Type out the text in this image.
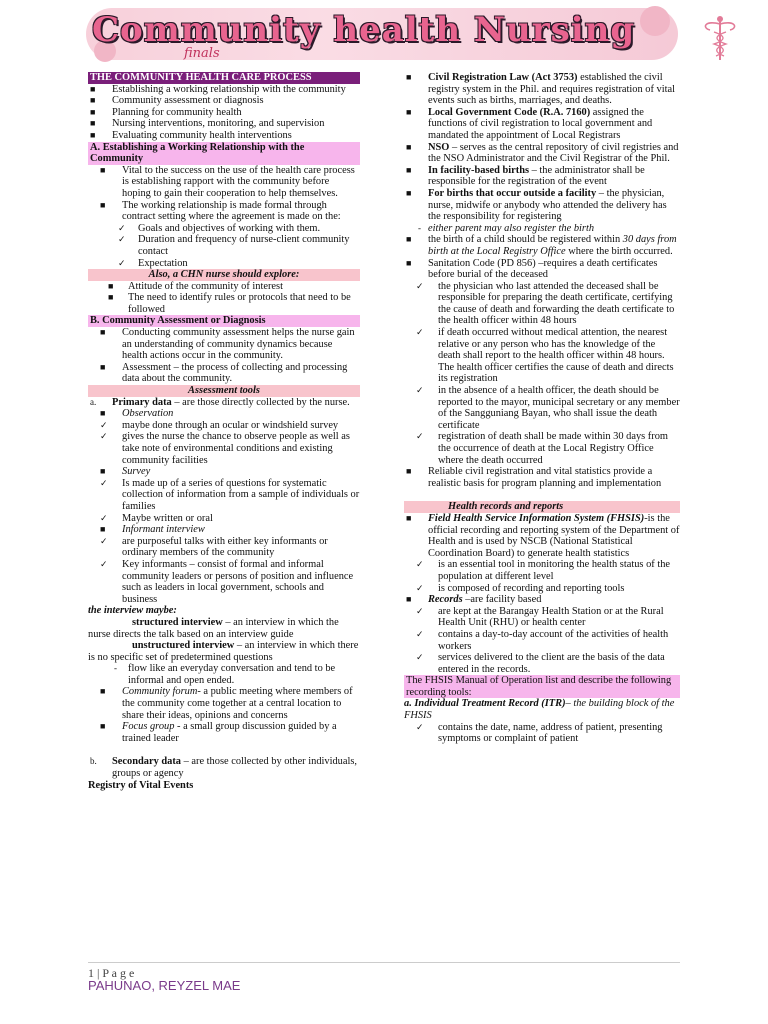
Community health Nursing
finals
THE COMMUNITY HEALTH CARE PROCESS
■ Establishing a working relationship with the community
■ Community assessment or diagnosis
■ Planning for community health
■ Nursing interventions, monitoring, and supervision
■ Evaluating community health interventions
A. Establishing a Working Relationship with the Community
■ Vital to the success on the use of the health care process is establishing rapport with the community before hoping to gain their cooperation to help themselves.
■ The working relationship is made formal through contract setting where the agreement is made on the:
✓ Goals and objectives of working with them.
✓ Duration and frequency of nurse-client community contact
✓ Expectation
Also, a CHN nurse should explore:
■ Attitude of the community of interest
■ The need to identify rules or protocols that need to be followed
B. Community Assessment or Diagnosis
■ Conducting community assessment helps the nurse gain an understanding of community dynamics because health actions occur in the community.
■ Assessment – the process of collecting and processing data about the community.
Assessment tools
a. Primary data – are those directly collected by the nurse.
■ Observation
✓ maybe done through an ocular or windshield survey
✓ gives the nurse the chance to observe people as well as take note of environmental conditions and existing community facilities
■ Survey
✓ Is made up of a series of questions for systematic collection of information from a sample of individuals or families
✓ Maybe written or oral
■ Informant interview
✓ are purposeful talks with either key informants or ordinary members of the community
✓ Key informants – consist of formal and informal community leaders or persons of position and influence such as leaders in local government, schools and business
the interview maybe:
structured interview – an interview in which the nurse directs the talk based on an interview guide
unstructured interview – an interview in which there is no specific set of predetermined questions
- flow like an everyday conversation and tend to be informal and open ended.
■ Community forum- a public meeting where members of the community come together at a central location to share their ideas, opinions and concerns
■ Focus group - a small group discussion guided by a trained leader
b. Secondary data – are those collected by other individuals, groups or agency
Registry of Vital Events
■ Civil Registration Law (Act 3753) established the civil registry system in the Phil. and requires registration of vital events such as births, marriages, and deaths.
■ Local Government Code (R.A. 7160) assigned the functions of civil registration to local government and mandated the appointment of Local Registrars
■ NSO – serves as the central repository of civil registries and the NSO Administrator and the Civil Registrar of the Phil.
■ In facility-based births – the administrator shall be responsible for the registration of the event
■ For births that occur outside a facility – the physician, nurse, midwife or anybody who attended the delivery has the responsibility for registering
- either parent may also register the birth
■ the birth of a child should be registered within 30 days from birth at the Local Registry Office where the birth occurred.
■ Sanitation Code (PD 856) –requires a death certificates before burial of the deceased
✓ the physician who last attended the deceased shall be responsible for preparing the death certificate, certifying the cause of death and forwarding the death certificate to the health officer within 48 hours
✓ if death occurred without medical attention, the nearest relative or any person who has the knowledge of the death shall report to the health officer within 48 hours. The health officer certifies the cause of death and directs its registration
✓ in the absence of a health officer, the death should be reported to the mayor, municipal secretary or any member of the Sangguniang Bayan, who shall issue the death certificate
✓ registration of death shall be made within 30 days from the occurrence of death at the Local Registry Office where the death occurred
■ Reliable civil registration and vital statistics provide a realistic basis for program planning and implementation
Health records and reports
■ Field Health Service Information System (FHSIS)-is the official recording and reporting system of the Department of Health and is used by NSCB (National Statistical Coordination Board) to generate health statistics
✓ is an essential tool in monitoring the health status of the population at different level
✓ is composed of recording and reporting tools
■ Records –are facility based
✓ are kept at the Barangay Health Station or at the Rural Health Unit (RHU) or health center
✓ contains a day-to-day account of the activities of health workers
✓ services delivered to the client are the basis of the data entered in the records.
The FHSIS Manual of Operation list and describe the following recording tools:
a. Individual Treatment Record (ITR)– the building block of the FHSIS
✓ contains the date, name, address of patient, presenting symptoms or complaint of patient
1 | P a g e
PAHUNAO, REYZEL MAE
